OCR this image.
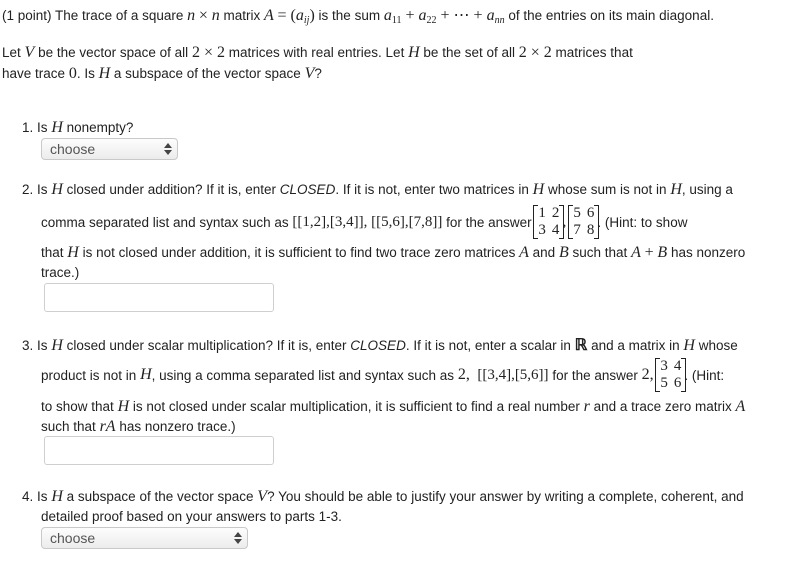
(1 point) The trace of a square n × n matrix $A = (a_{ij})$ is the sum $a_{11} + a_{22}$ + ⋯ + $a_{nn}$ of the entries on its main diagonal.
Let V be the vector space of all 2 × 2 matrices with real entries. Let H be the set of all 2 × 2 matrices that
have trace 0. Is H a subspace of the vector space V?
1. Is H nonempty?
choose
2. Is H closed under addition? If it is, enter CLOSED. If it is not, enter two matrices in H whose sum is not in H, using a
comma separated list and syntax such as
[[1,2],[3,4]], [[5,6],[7,8]]
for the answer

1	2
3	4 , 5	6
7	8 . (Hint: to show
that H is not closed under addition, it is sufficient to find two trace zero matrices A and B such that A + B has nonzero
trace.)
3. Is H closed under scalar multiplication? If it is, enter CLOSED. If it is not, enter a scalar in ℝ and a matrix in H whose
product is not in
H , using a comma separated list and syntax such as
2,
[[3,4],[5,6]]
for the answer
2,
3	4
5	6 . (Hint:
to show that H is not closed under scalar multiplication, it is sufficient to find a real number r and a trace zero matrix A
such that rA has nonzero trace.)
4. Is H a subspace of the vector space V? You should be able to justify your answer by writing a complete, coherent, and
detailed proof based on your answers to parts 1-3.
choose
